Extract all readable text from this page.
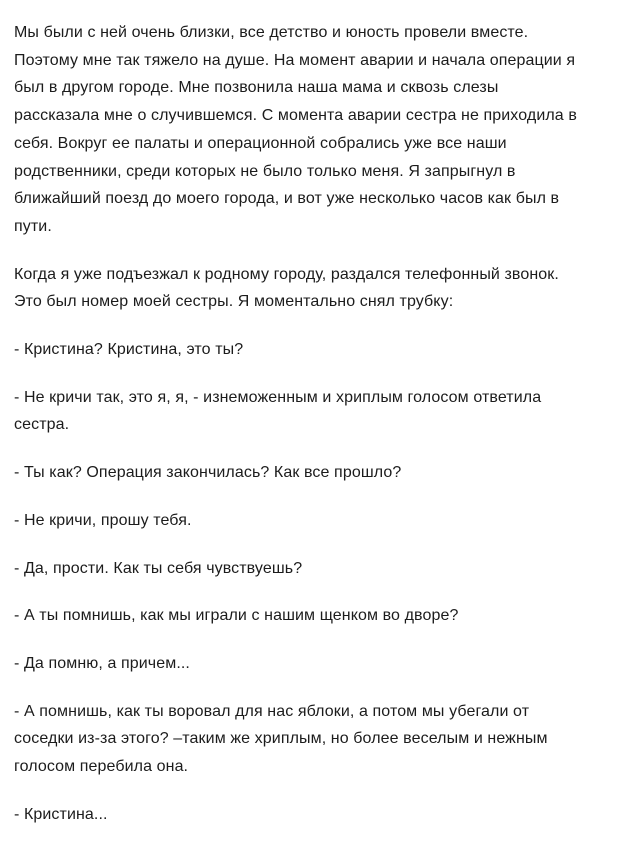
Мы были с ней очень близки, все детство и юность провели вместе.
Поэтому мне так тяжело на душе. На момент аварии и начала операции я
был в другом городе. Мне позвонила наша мама и сквозь слезы
рассказала мне о случившемся. С момента аварии сестра не приходила в
себя. Вокруг ее палаты и операционной собрались уже все наши
родственники, среди которых не было только меня. Я запрыгнул в
ближайший поезд до моего города, и вот уже несколько часов как был в
пути.

Когда я уже подъезжал к родному городу, раздался телефонный звонок.
Это был номер моей сестры. Я моментально снял трубку:

- Кристина? Кристина, это ты?

- Не кричи так, это я, я, - изнеможенным и хриплым голосом ответила
сестра.

- Ты как? Операция закончилась? Как все прошло?

- Не кричи, прошу тебя.

- Да, прости. Как ты себя чувствуешь?

- А ты помнишь, как мы играли с нашим щенком во дворе?

- Да помню, а причем...

- А помнишь, как ты воровал для нас яблоки, а потом мы убегали от
соседки из-за этого? –таким же хриплым, но более веселым и нежным
голосом перебила она.

- Кристина...
